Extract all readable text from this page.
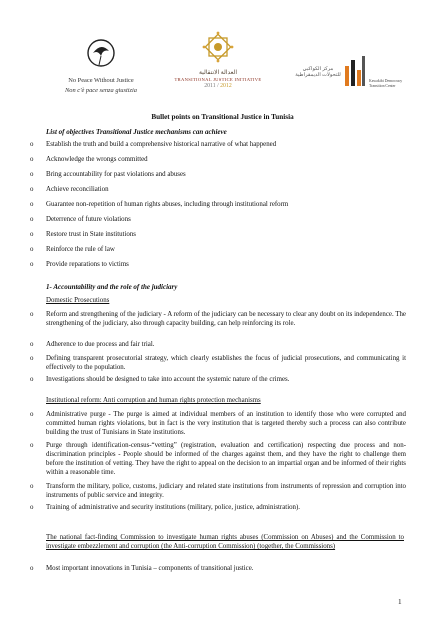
No Peace Without Justice
Non c'è pace senza giustizia
العدالة الانتقالية
TRANSITIONAL JUSTICE INITIATIVE
2011 / 2012
مركز الكواكبي للتحولات الديمقراطية
Kawakibi Democracy Transition Center
Bullet points on Transitional Justice in Tunisia
List of objectives Transitional Justice mechanisms can achieve
o Establish the truth and build a comprehensive historical narrative of what happened
o Acknowledge the wrongs committed
o Bring accountability for past violations and abuses
o Achieve reconciliation
o Guarantee non-repetition of human rights abuses, including through institutional reform
o Deterrence of future violations
o Restore trust in State institutions
o Reinforce the rule of law
o Provide reparations to victims
1- Accountability and the role of the judiciary
Domestic Prosecutions
o Reform and strengthening of the judiciary - A reform of the judiciary can be necessary to clear any doubt on its independence. The strengthening of the judiciary, also through capacity building, can help reinforcing its role.
o Adherence to due process and fair trial.
o Defining transparent prosecutorial strategy, which clearly establishes the focus of judicial prosecutions, and communicating it effectively to the population.
o Investigations should be designed to take into account the systemic nature of the crimes.
Institutional reform: Anti corruption and human rights protection mechanisms
o Administrative purge - The purge is aimed at individual members of an institution to identify those who were corrupted and committed human rights violations, but in fact is the very institution that is targeted thereby such a process can also contribute building the trust of Tunisians in State institutions.
o Purge through identification-census-“vetting” (registration, evaluation and certification) respecting due process and non-discrimination principles - People should be informed of the charges against them, and they have the right to challenge them before the institution of vetting. They have the right to appeal on the decision to an impartial organ and be informed of their rights within a reasonable time.
o Transform the military, police, customs, judiciary and related state institutions from instruments of repression and corruption into instruments of public service and integrity.
o Training of administrative and security institutions (military, police, justice, administration).
The national fact-finding Commission to investigate human rights abuses (Commission on Abuses) and the Commission to investigate embezzlement and corruption (the Anti-corruption Commission) (together, the Commissions)
o Most important innovations in Tunisia – components of transitional justice.
1
